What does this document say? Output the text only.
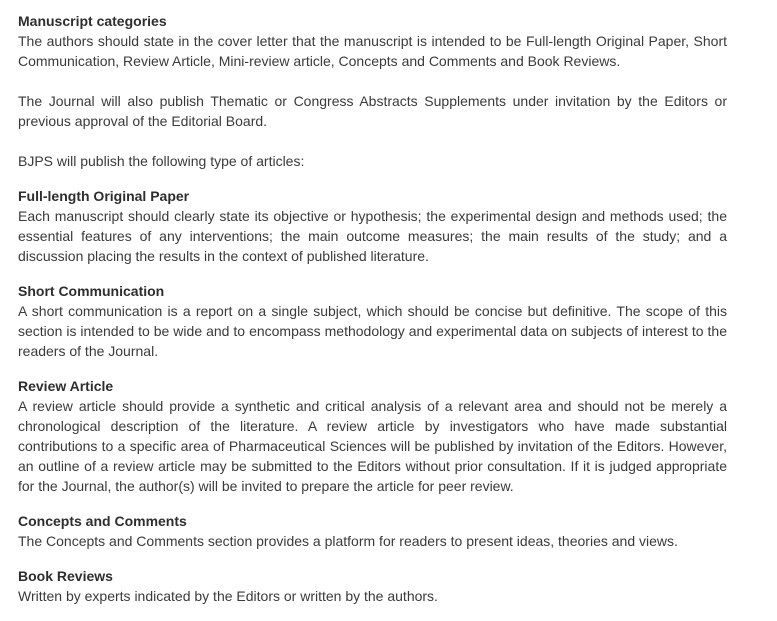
Manuscript categories
The authors should state in the cover letter that the manuscript is intended to be Full-length Original Paper, Short Communication, Review Article, Mini-review article, Concepts and Comments and Book Reviews.
The Journal will also publish Thematic or Congress Abstracts Supplements under invitation by the Editors or previous approval of the Editorial Board.
BJPS will publish the following type of articles:
Full-length Original Paper
Each manuscript should clearly state its objective or hypothesis; the experimental design and methods used; the essential features of any interventions; the main outcome measures; the main results of the study; and a discussion placing the results in the context of published literature.
Short Communication
A short communication is a report on a single subject, which should be concise but definitive. The scope of this section is intended to be wide and to encompass methodology and experimental data on subjects of interest to the readers of the Journal.
Review Article
A review article should provide a synthetic and critical analysis of a relevant area and should not be merely a chronological description of the literature. A review article by investigators who have made substantial contributions to a specific area of Pharmaceutical Sciences will be published by invitation of the Editors. However, an outline of a review article may be submitted to the Editors without prior consultation. If it is judged appropriate for the Journal, the author(s) will be invited to prepare the article for peer review.
Concepts and Comments
The Concepts and Comments section provides a platform for readers to present ideas, theories and views.
Book Reviews
Written by experts indicated by the Editors or written by the authors.
